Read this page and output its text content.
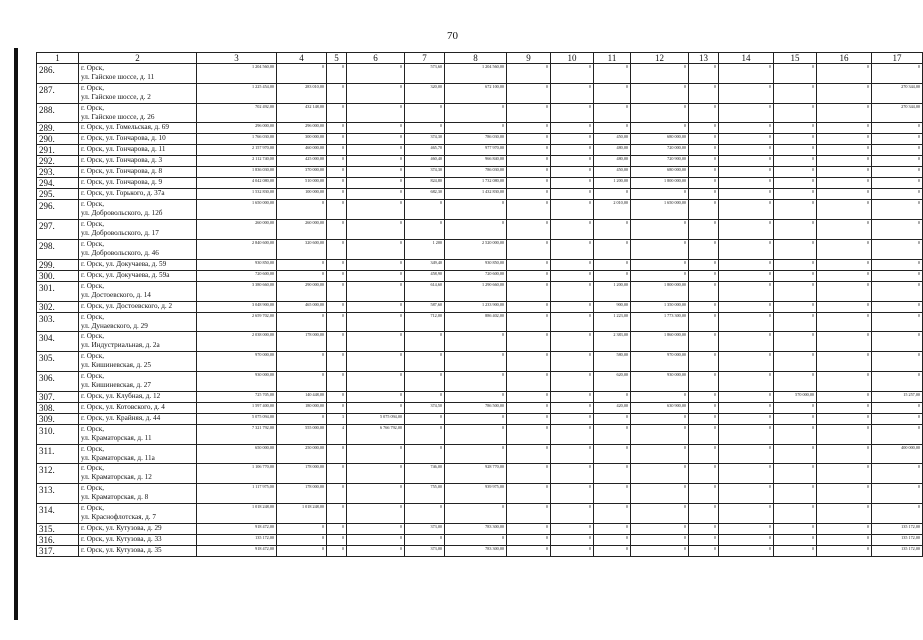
70
1	2	3	4	5	6	7	8	9	10	11	12	13	14	15	16	17
286.	г. Орск,
ул. Гайское шоссе, д. 11	1 204 560,00	0	0	0	573,60	1 204 560,00	0	0	0	0	0	0	0	0	0
287.	г. Орск,
ул. Гайское шоссе, д. 2	1 225 454,00	283 010,00	0	0	320,00	672 100,00	0	0	0	0	0	0	0	0	270 344,00
288.	г. Орск,
ул. Гайское шоссе, д. 26	702 492,00	432 148,00	0	0	0	0	0	0	0	0	0	0	0	0	270 344,00
289.	г. Орск, ул. Гомельская, д. 69	296 000,00	296 000,00	0	0	0	0	0	0	0	0	0	0	0	0	0
290.	г. Орск, ул. Гончарова, д. 10	1 766 030,00	300 000,00	0	0	374,30	786 030,00	0	0	450,00	680 000,00	0	0	0	0	0
291.	г. Орск, ул. Гончарова, д. 11	2 157 970,00	460 000,00	0	0	465,70	977 970,00	0	0	480,00	720 000,00	0	0	0	0	0
292.	г. Орск, ул. Гончарова, д. 3	2 112 740,00	425 000,00	0	0	460,40	966 840,00	0	0	480,00	720 900,00	0	0	0	0	0
293.	г. Орск, ул. Гончарова, д. 8	1 836 030,00	370 000,00	0	0	374,30	786 030,00	0	0	450,00	680 000,00	0	0	0	0	0
294.	г. Орск, ул. Гончарова, д. 9	4 042 080,00	510 000,00	0	0	824,80	1 732 080,00	0	0	1 200,00	1 800 000,00	0	0	0	0	0
295.	г. Орск, ул. Горького, д. 37а	1 532 830,00	100 000,00	0	0	682,30	1 432 830,00	0	0	0	0	0	0	0	0	0
296.	г. Орск,
ул. Добровольского, д. 12б	1 650 000,00	0	0	0	0	0	0	0	2 010,00	1 650 000,00	0	0	0	0	0
297.	г. Орск,
ул. Добровольского, д. 17	260 000,00	260 000,00	0	0	0	0	0	0	0	0	0	0	0	0	0
298.	г. Орск,
ул. Добровольского, д. 46	2 840 600,00	320 600,00	0	0	1 200	2 520 000,00	0	0	0	0	0	0	0	0	0
299.	г. Орск, ул. Докучаева, д. 59	930 850,00	0	0	0	349,40	930 850,00	0	0	0	0	0	0	0	0	0
300.	г. Орск, ул. Докучаева, д. 59а	720 600,00	0	0	0	458,90	720 600,00	0	0	0	0	0	0	0	0	0
301.	г. Орск,
ул. Достоевского, д. 14	3 380 660,00	290 000,00	0	0	614,60	1 290 660,00	0	0	1 200,00	1 800 000,00	0	0	0	0	0
302.	г. Орск, ул. Достоевского, д. 2	3 048 900,00	465 000,00	0	0	587,60	1 233 900,00	0	0	900,00	1 350 000,00	0	0	0	0	0
303.	г. Орск,
ул. Дунаевского, д. 29	2 659 702,00	0	0	0	712,00	886 402,00	0	0	1 223,00	1 773 300,00	0	0	0	0	0
304.	г. Орск,
ул. Индустриальная, д. 2а	2 038 000,00	178 000,00	0	0	0	0	0	0	2 383,00	1 860 000,00	0	0	0	0	0
305.	г. Орск,
ул. Кишиневская, д. 25	970 000,00	0	0	0	0	0	0	0	580,00	970 000,00	0	0	0	0	0
306.	г. Орск,
ул. Кишиневская, д. 27	930 000,00	0	0	0	0	0	0	0	620,00	930 000,00	0	0	0	0	0
307.	г. Орск, ул. Клубная, д. 12	725 705,00	140 448,00	0	0	0	0	0	0	0	0	0	0	570 000,00	0	15 257,00
308.	г. Орск, ул. Котовского, д. 4	1 597 400,00	180 000,00	0	0	374,50	786 500,00	0	0	420,00	630 900,00	0	0	0	0	0
309.	г. Орск, ул. Крайняя, д. 44	5 075 094,00	0	3	5 075 094,00	0	0	0	0	0	0	0	0	0	0	0
310.	г. Орск,
ул. Краматорская, д. 11	7 321 792,00	555 000,00	4	6 766 792,00	0	0	0	0	0	0	0	0	0	0	0
311.	г. Орск,
ул. Краматорская, д. 11а	650 000,00	250 000,00	0	0	0	0	0	0	0	0	0	0	0	0	400 000,00
312.	г. Орск,
ул. Краматорская, д. 12	1 106 770,00	178 000,00	0	0	746,00	928 770,00	0	0	0	0	0	0	0	0	0
313.	г. Орск,
ул. Краматорская, д. 8	1 117 975,00	178 000,00	0	0	755,00	939 975,00	0	0	0	0	0	0	0	0	0
314.	г. Орск,
ул. Краснофлотская, д. 7	1 018 248,00	1 018 248,00	0	0	0	0	0	0	0	0	0	0	0	0	0
315.	г. Орск, ул. Кутузова, д. 29	918 472,00	0	0	0	373,00	783 300,00	0	0	0	0	0	0	0	0	135 172,00
316.	г. Орск, ул. Кутузова, д. 33	135 172,00	0	0	0	0	0	0	0	0	0	0	0	0	0	135 172,00
317.	г. Орск, ул. Кутузова, д. 35	918 472,00	0	0	0	373,00	783 300,00	0	0	0	0	0	0	0	0	135 172,00
